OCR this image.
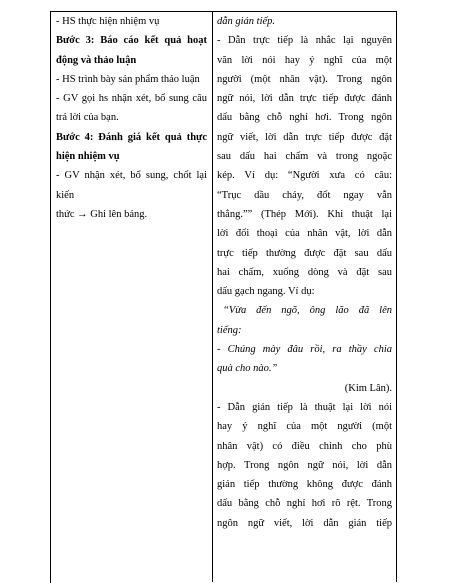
- HS thực hiện nhiệm vụ

Bước 3: Báo cáo kết quả hoạt

động và thảo luận

- HS trình bày sản phẩm thảo luận

- GV gọi hs nhận xét, bổ sung câu

trả lời của bạn.

Bước 4: Đánh giá kết quả thực

hiện nhiệm vụ

- GV nhận xét, bổ sung, chốt lại kiến

thức → Ghi lên bảng.

dẫn gián tiếp.

- Dẫn trực tiếp là nhắc lại nguyên

văn lời nói hay ý nghĩ của một

người (một nhân vật). Trong ngôn

ngữ nói, lời dẫn trực tiếp được đánh

dấu bằng chỗ nghỉ hơi. Trong ngôn

ngữ viết, lời dẫn trực tiếp được đặt

sau dấu hai chấm và trong ngoặc

kép. Ví dụ: “Người xưa có câu:

“Trục dầu cháy, đốt ngay vẫn

thẳng.”” (Thép Mới). Khi thuật lại

lời đối thoại của nhân vật, lời dẫn

trực tiếp thường được đặt sau dấu

hai chấm, xuống dòng và đặt sau

dấu gạch ngang. Ví dụ:

“Vừa đến ngõ, ông lão đã lên

tiếng:

- Chúng mày đâu rồi, ra thầy chia

quà cho nào.”

(Kim Lân).

- Dẫn gián tiếp là thuật lại lời nói

hay ý nghĩ của một người (một

nhân vật) có điều chỉnh cho phù

hợp. Trong ngôn ngữ nói, lời dẫn

gián tiếp thường không được đánh

dấu bằng chỗ nghỉ hơi rõ rệt. Trong

ngôn ngữ viết, lời dẫn gián tiếp
